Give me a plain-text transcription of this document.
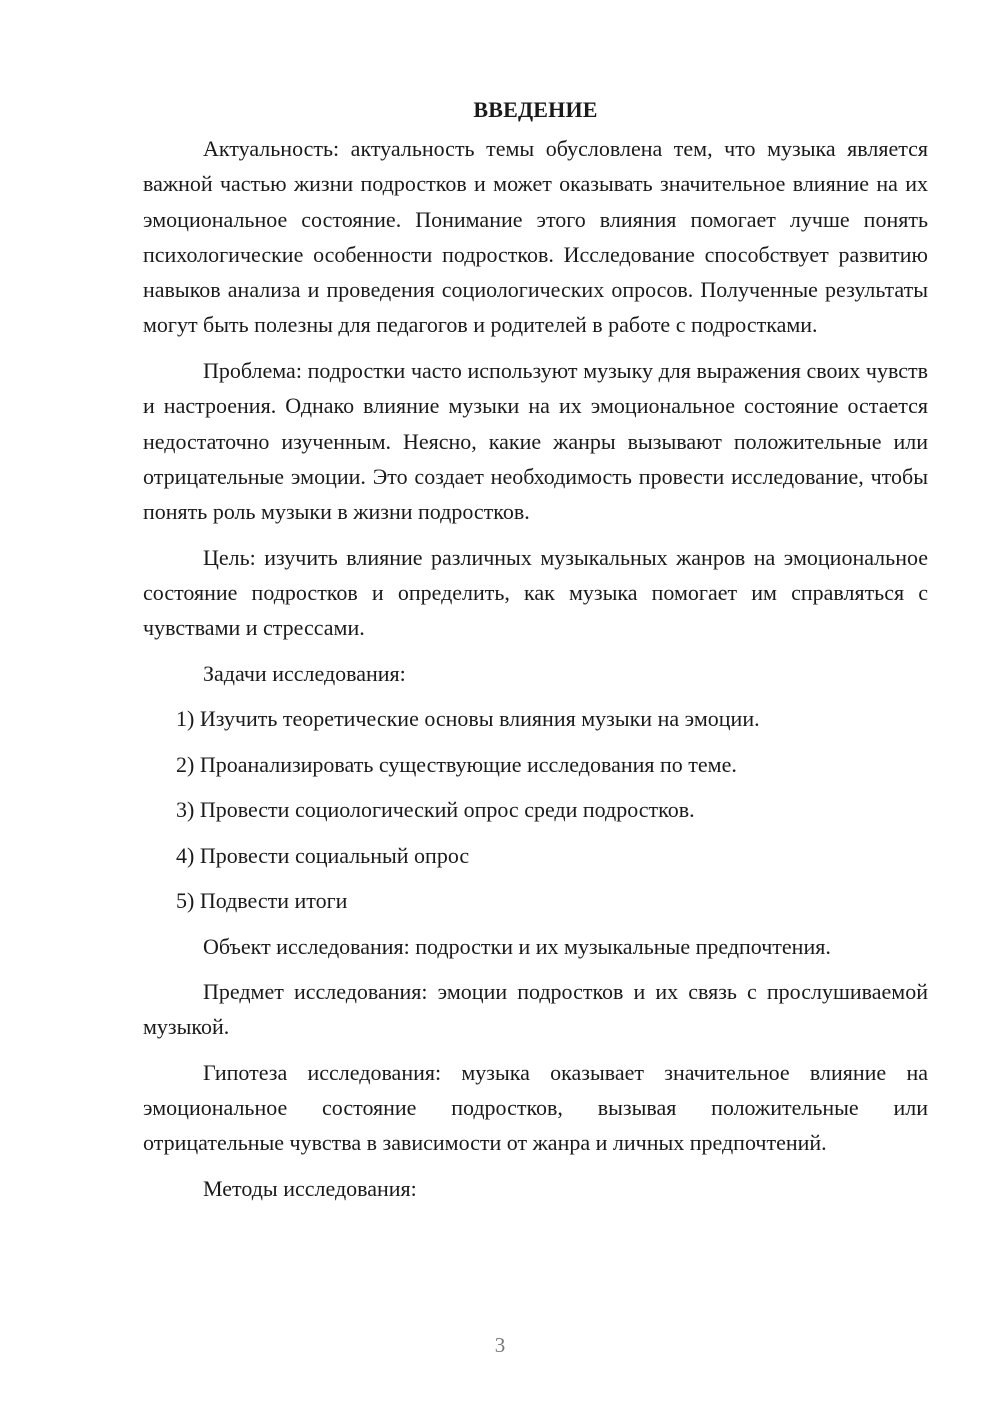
ВВЕДЕНИЕ

Актуальность: актуальность темы обусловлена тем, что музыка является важной частью жизни подростков и может оказывать значительное влияние на их эмоциональное состояние. Понимание этого влияния помогает лучше понять психологические особенности подростков. Исследование способствует развитию навыков анализа и проведения социологических опросов. Полученные результаты могут быть полезны для педагогов и родителей в работе с подростками.

Проблема: подростки часто используют музыку для выражения своих чувств и настроения. Однако влияние музыки на их эмоциональное состояние остается недостаточно изученным. Неясно, какие жанры вызывают положительные или отрицательные эмоции. Это создает необходимость провести исследование, чтобы понять роль музыки в жизни подростков.

Цель: изучить влияние различных музыкальных жанров на эмоциональное состояние подростков и определить, как музыка помогает им справляться с чувствами и стрессами.

Задачи исследования:

1) Изучить теоретические основы влияния музыки на эмоции.
2) Проанализировать существующие исследования по теме.
3) Провести социологический опрос среди подростков.
4) Провести социальный опрос
5) Подвести итоги

Объект исследования: подростки и их музыкальные предпочтения.

Предмет исследования: эмоции подростков и их связь с прослушиваемой музыкой.

Гипотеза исследования: музыка оказывает значительное влияние на эмоциональное состояние подростков, вызывая положительные или отрицательные чувства в зависимости от жанра и личных предпочтений.

Методы исследования:

3
